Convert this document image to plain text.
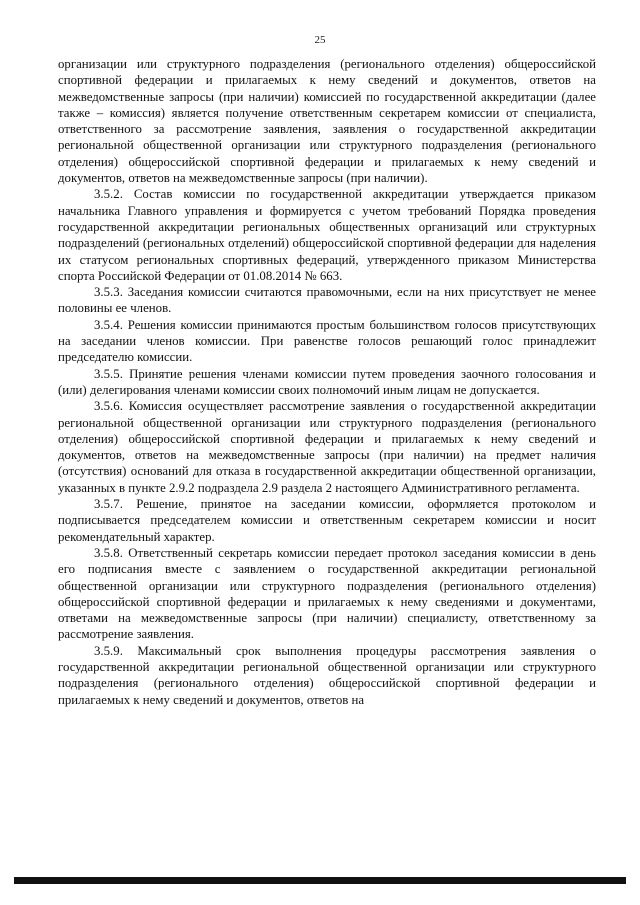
25

организации или структурного подразделения (регионального отделения) общероссийской спортивной федерации и прилагаемых к нему сведений и документов, ответов на межведомственные запросы (при наличии) комиссией по государственной аккредитации (далее также – комиссия) является получение ответственным секретарем комиссии от специалиста, ответственного за рассмотрение заявления, заявления о государственной аккредитации региональной общественной организации или структурного подразделения (регионального отделения) общероссийской спортивной федерации и прилагаемых к нему сведений и документов, ответов на межведомственные запросы (при наличии).

3.5.2. Состав комиссии по государственной аккредитации утверждается приказом начальника Главного управления и формируется с учетом требований Порядка проведения государственной аккредитации региональных общественных организаций или структурных подразделений (региональных отделений) общероссийской спортивной федерации для наделения их статусом региональных спортивных федераций, утвержденного приказом Министерства спорта Российской Федерации от 01.08.2014 № 663.

3.5.3. Заседания комиссии считаются правомочными, если на них присутствует не менее половины ее членов.

3.5.4. Решения комиссии принимаются простым большинством голосов присутствующих на заседании членов комиссии. При равенстве голосов решающий голос принадлежит председателю комиссии.

3.5.5. Принятие решения членами комиссии путем проведения заочного голосования и (или) делегирования членами комиссии своих полномочий иным лицам не допускается.

3.5.6. Комиссия осуществляет рассмотрение заявления о государственной аккредитации региональной общественной организации или структурного подразделения (регионального отделения) общероссийской спортивной федерации и прилагаемых к нему сведений и документов, ответов на межведомственные запросы (при наличии) на предмет наличия (отсутствия) оснований для отказа в государственной аккредитации общественной организации, указанных в пункте 2.9.2 подраздела 2.9 раздела 2 настоящего Административного регламента.

3.5.7. Решение, принятое на заседании комиссии, оформляется протоколом и подписывается председателем комиссии и ответственным секретарем комиссии и носит рекомендательный характер.

3.5.8. Ответственный секретарь комиссии передает протокол заседания комиссии в день его подписания вместе с заявлением о государственной аккредитации региональной общественной организации или структурного подразделения (регионального отделения) общероссийской спортивной федерации и прилагаемых к нему сведениями и документами, ответами на межведомственные запросы (при наличии) специалисту, ответственному за рассмотрение заявления.

3.5.9. Максимальный срок выполнения процедуры рассмотрения заявления о государственной аккредитации региональной общественной организации или структурного подразделения (регионального отделения) общероссийской спортивной федерации и прилагаемых к нему сведений и документов, ответов на
